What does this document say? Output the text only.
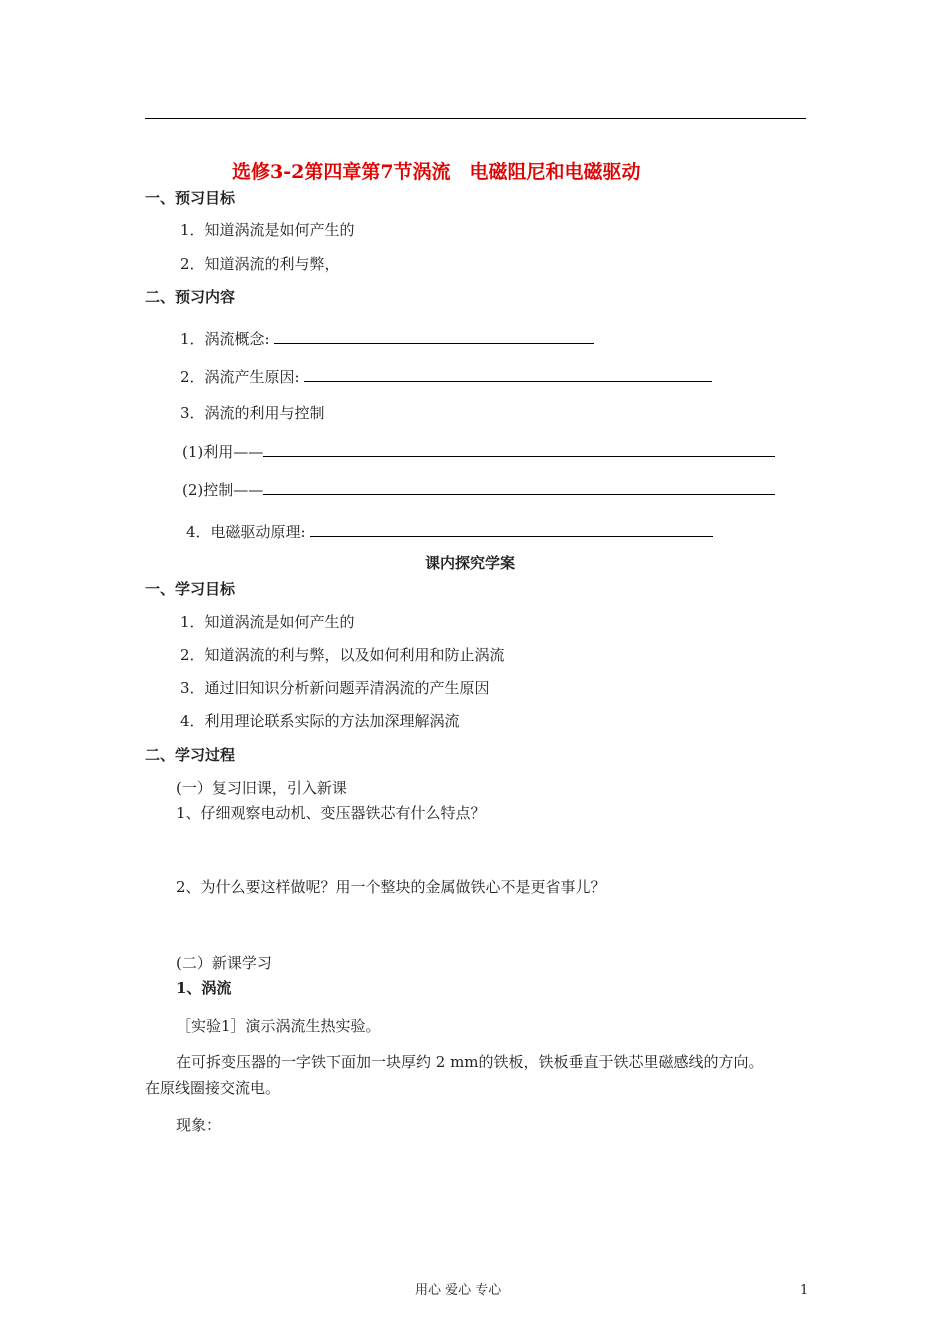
选修3-2第四章第7节涡流　电磁阻尼和电磁驱动
一、预习目标
1．知道涡流是如何产生的
2．知道涡流的利与弊，
二、预习内容
1．涡流概念:
2．涡流产生原因:
3．涡流的利用与控制
(1)利用——
(2)控制——
4．电磁驱动原理:
课内探究学案
一、学习目标
1．知道涡流是如何产生的
2．知道涡流的利与弊，以及如何利用和防止涡流
3．通过旧知识分析新问题弄清涡流的产生原因
4．利用理论联系实际的方法加深理解涡流
二、学习过程
(一）复习旧课，引入新课
1、仔细观察电动机、变压器铁芯有什么特点？
2、为什么要这样做呢？用一个整块的金属做铁心不是更省事儿？
(二）新课学习
1、涡流
［实验1］演示涡流生热实验。
在可拆变压器的一字铁下面加一块厚约 2 mm的铁板，铁板垂直于铁芯里磁感线的方向。
在原线圈接交流电。
现象：
用心 爱心 专心	1
